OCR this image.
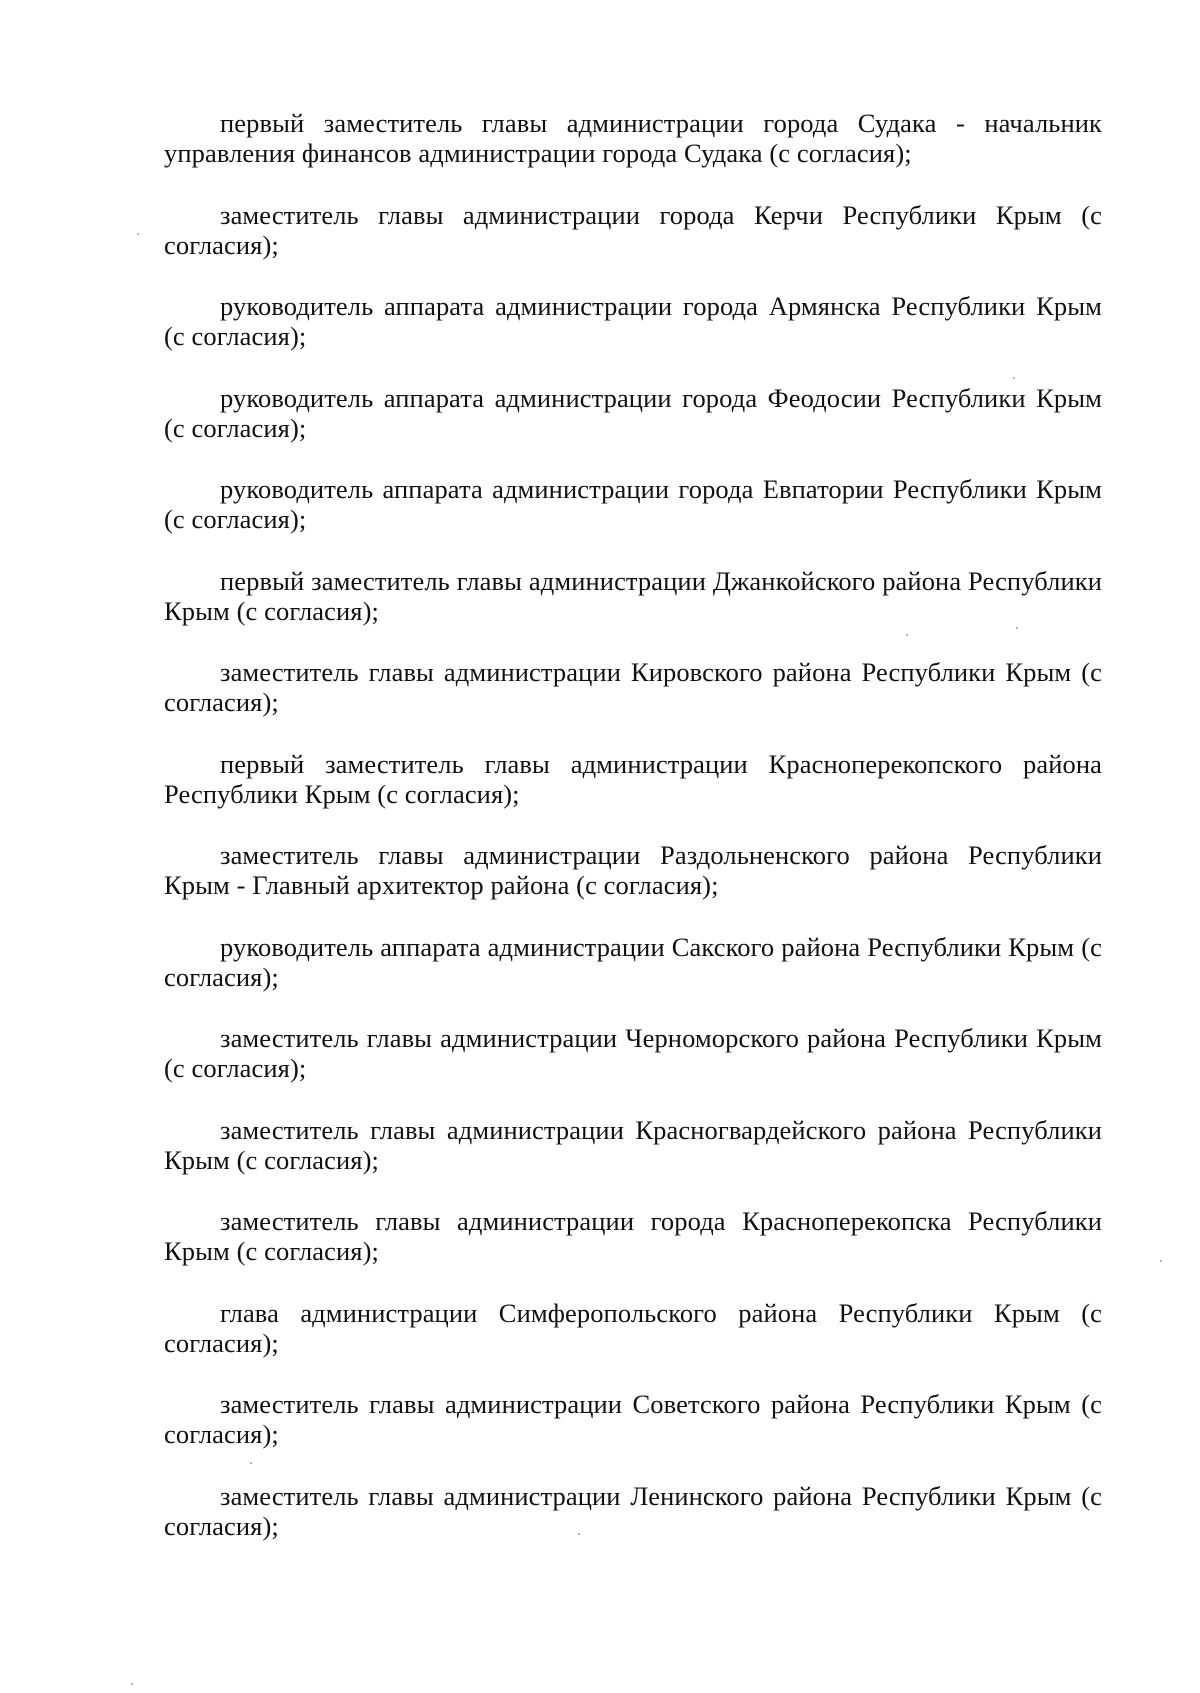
первый заместитель главы администрации города Судака - начальник управления финансов администрации города Судака (с согласия);

заместитель главы администрации города Керчи Республики Крым (с согласия);

руководитель аппарата администрации города Армянска Республики Крым (с согласия);

руководитель аппарата администрации города Феодосии Республики Крым (с согласия);

руководитель аппарата администрации города Евпатории Республики Крым (с согласия);

первый заместитель главы администрации Джанкойского района Республики Крым (с согласия);

заместитель главы администрации Кировского района Республики Крым (с согласия);

первый заместитель главы администрации Красноперекопского района Республики Крым (с согласия);

заместитель главы администрации Раздольненского района Республики Крым - Главный архитектор района (с согласия);

руководитель аппарата администрации Сакского района Республики Крым (с согласия);

заместитель главы администрации Черноморского района Республики Крым (с согласия);

заместитель главы администрации Красногвардейского района Республики Крым (с согласия);

заместитель главы администрации города Красноперекопска Республики Крым (с согласия);

глава администрации Симферопольского района Республики Крым (с согласия);

заместитель главы администрации Советского района Республики Крым (с согласия);

заместитель главы администрации Ленинского района Республики Крым (с согласия);
